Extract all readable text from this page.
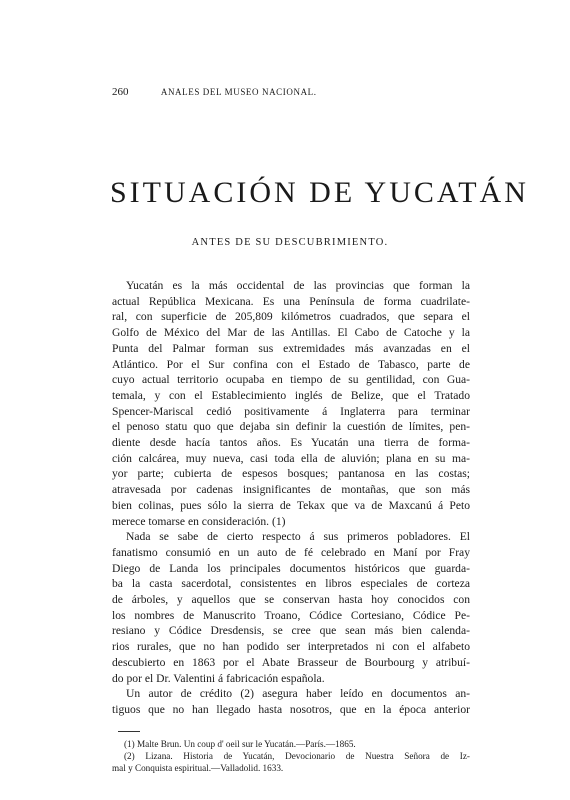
260	ANALES DEL MUSEO NACIONAL.
SITUACIÓN DE YUCATÁN
ANTES DE SU DESCUBRIMIENTO.
Yucatán es la más occidental de las provincias que forman la
actual República Mexicana. Es una Península de forma cuadrilate-
ral, con superficie de 205,809 kilómetros cuadrados, que separa el
Golfo de México del Mar de las Antillas. El Cabo de Catoche y la
Punta del Palmar forman sus extremidades más avanzadas en el
Atlántico. Por el Sur confina con el Estado de Tabasco, parte de
cuyo actual territorio ocupaba en tiempo de su gentilidad, con Gua-
temala, y con el Establecimiento inglés de Belize, que el Tratado
Spencer-Mariscal cedió positivamente á Inglaterra para terminar
el penoso statu quo que dejaba sin definir la cuestión de límites, pen-
diente desde hacía tantos años. Es Yucatán una tierra de forma-
ción calcárea, muy nueva, casi toda ella de aluvión; plana en su ma-
yor parte; cubierta de espesos bosques; pantanosa en las costas;
atravesada por cadenas insignificantes de montañas, que son más
bien colinas, pues sólo la sierra de Tekax que va de Maxcanú á Peto
merece tomarse en consideración. (1)
Nada se sabe de cierto respecto á sus primeros pobladores. El
fanatismo consumió en un auto de fé celebrado en Maní por Fray
Diego de Landa los principales documentos históricos que guarda-
ba la casta sacerdotal, consistentes en libros especiales de corteza
de árboles, y aquellos que se conservan hasta hoy conocidos con
los nombres de Manuscrito Troano, Códice Cortesiano, Códice Pe-
resiano y Códice Dresdensis, se cree que sean más bien calenda-
rios rurales, que no han podido ser interpretados ni con el alfabeto
descubierto en 1863 por el Abate Brasseur de Bourbourg y atribuí-
do por el Dr. Valentini á fabricación española.
Un autor de crédito (2) asegura haber leído en documentos an-
tiguos que no han llegado hasta nosotros, que en la época anterior
(1) Malte Brun. Un coup d' oeil sur le Yucatán.—París.—1865.
(2) Lizana. Historia de Yucatán, Devocionario de Nuestra Señora de Iz-
mal y Conquista espiritual.—Valladolid. 1633.
